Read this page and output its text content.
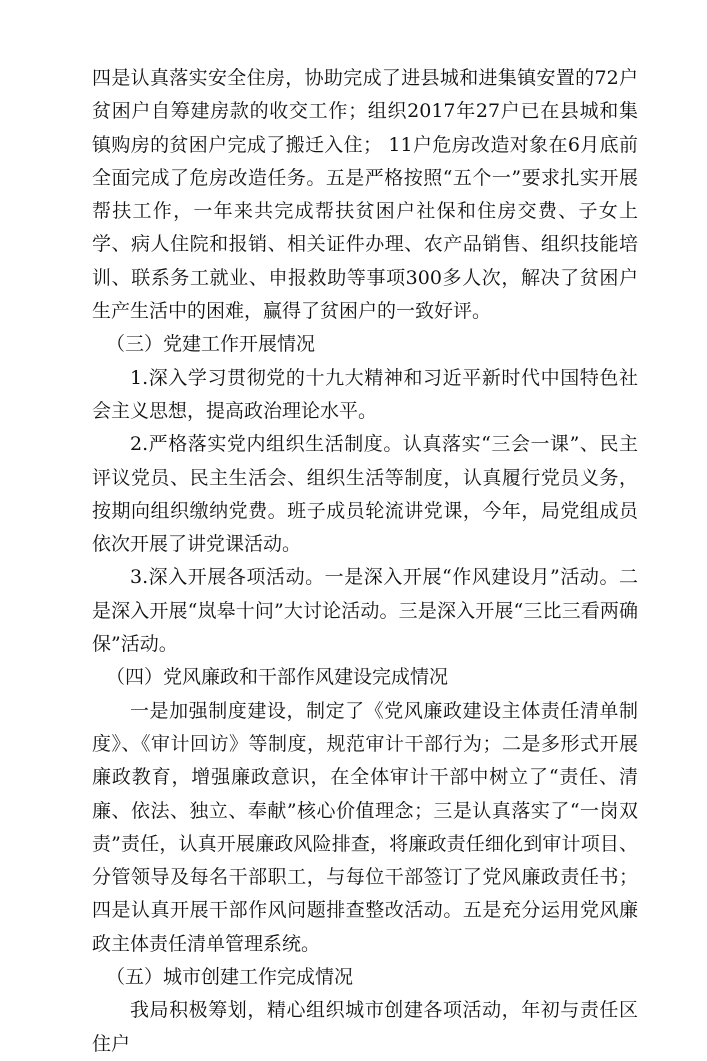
四是认真落实安全住房，协助完成了进县城和进集镇安置的72户贫困户自筹建房款的收交工作；组织2017年27户已在县城和集镇购房的贫困户完成了搬迁入住； 11户危房改造对象在6月底前全面完成了危房改造任务。五是严格按照“五个一”要求扎实开展帮扶工作，一年来共完成帮扶贫困户社保和住房交费、子女上学、病人住院和报销、相关证件办理、农产品销售、组织技能培训、联系务工就业、申报救助等事项300多人次，解决了贫困户生产生活中的困难，赢得了贫困户的一致好评。

（三）党建工作开展情况

1.深入学习贯彻党的十九大精神和习近平新时代中国特色社会主义思想，提高政治理论水平。

2.严格落实党内组织生活制度。认真落实“三会一课”、民主评议党员、民主生活会、组织生活等制度，认真履行党员义务，按期向组织缴纳党费。班子成员轮流讲党课，今年，局党组成员依次开展了讲党课活动。

3.深入开展各项活动。一是深入开展“作风建设月”活动。二是深入开展“岚皋十问”大讨论活动。三是深入开展“三比三看两确保”活动。

（四）党风廉政和干部作风建设完成情况

一是加强制度建设，制定了《党风廉政建设主体责任清单制度》、《审计回访》等制度，规范审计干部行为；二是多形式开展廉政教育，增强廉政意识，在全体审计干部中树立了“责任、清廉、依法、独立、奉献”核心价值理念；三是认真落实了“一岗双责”责任，认真开展廉政风险排查，将廉政责任细化到审计项目、分管领导及每名干部职工，与每位干部签订了党风廉政责任书；四是认真开展干部作风问题排查整改活动。五是充分运用党风廉政主体责任清单管理系统。

（五）城市创建工作完成情况

我局积极筹划，精心组织城市创建各项活动，年初与责任区住户
